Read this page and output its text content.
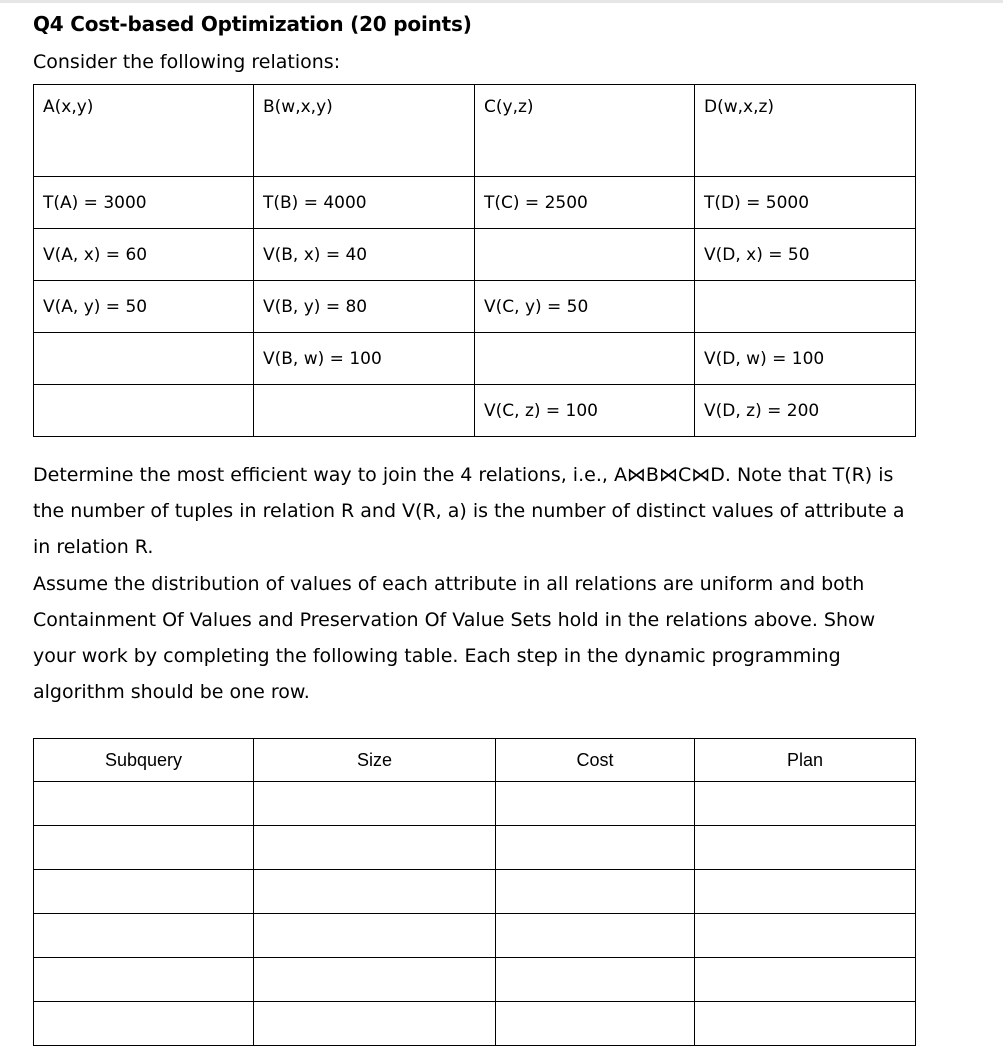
Q4 Cost-based Optimization (20 points)
Consider the following relations:
A(x,y)	B(w,x,y)	C(y,z)	D(w,x,z)
T(A) = 3000	T(B) = 4000	T(C) = 2500	T(D) = 5000
V(A, x) = 60	V(B, x) = 40		V(D, x) = 50
V(A, y) = 50	V(B, y) = 80	V(C, y) = 50	
	V(B, w) = 100		V(D, w) = 100
		V(C, z) = 100	V(D, z) = 200
Determine the most efficient way to join the 4 relations, i.e., A⋈B⋈C⋈D. Note that T(R) is the number of tuples in relation R and V(R, a) is the number of distinct values of attribute a in relation R.
Assume the distribution of values of each attribute in all relations are uniform and both Containment Of Values and Preservation Of Value Sets hold in the relations above. Show your work by completing the following table. Each step in the dynamic programming algorithm should be one row.
Subquery	Size	Cost	Plan
